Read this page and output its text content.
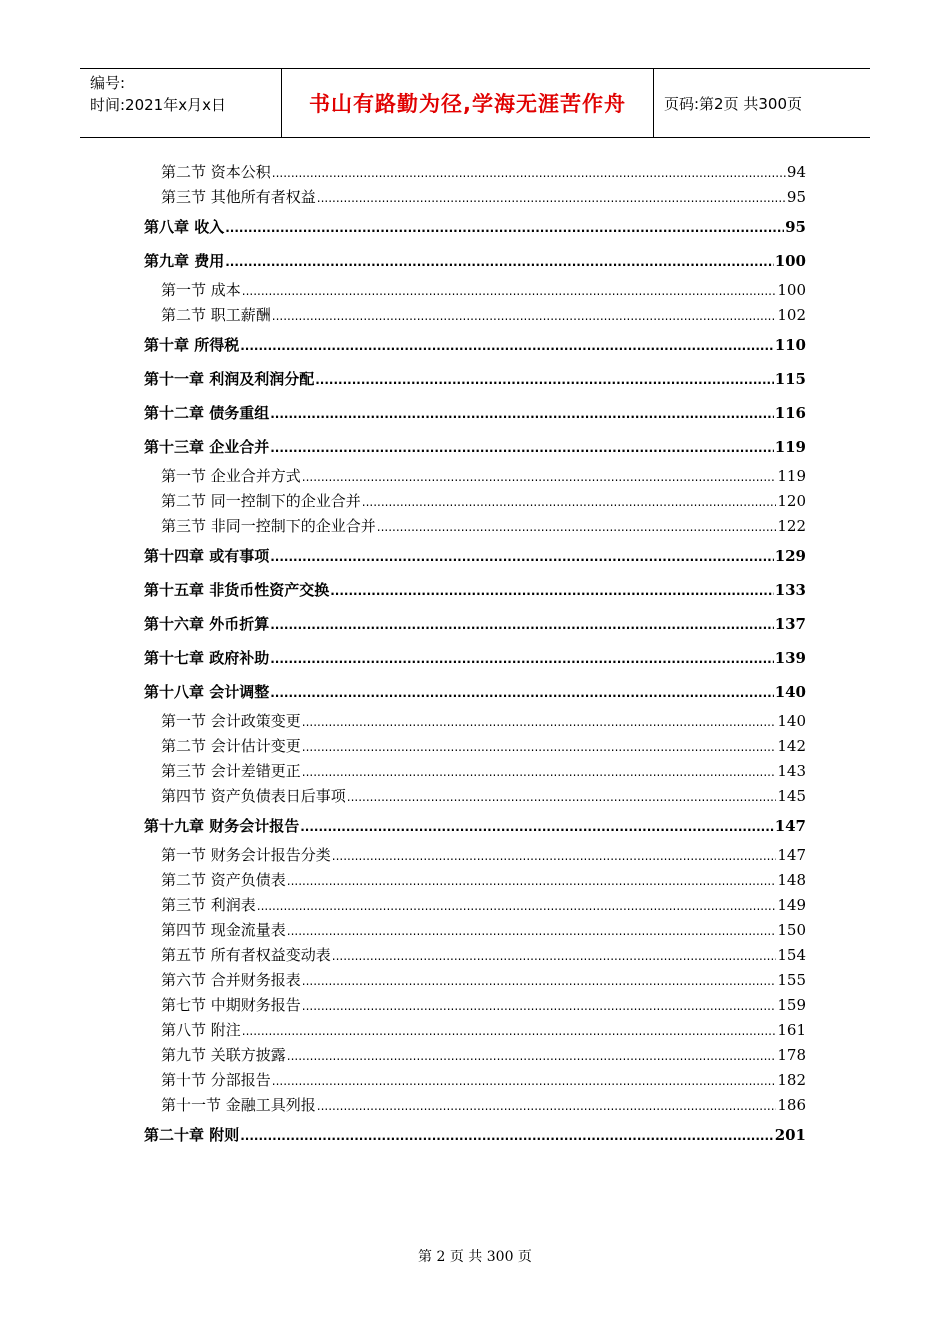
编号:
时间:2021年x月x日	书山有路勤为径,学海无涯苦作舟	页码:第2页 共300页
第二节 资本公积 .....	94
第三节 其他所有者权益 .....	95
第八章 收入 .....	95
第九章 费用 .....	100
第一节 成本 .....	100
第二节 职工薪酬 .....	102
第十章 所得税 .....	110
第十一章 利润及利润分配 .....	115
第十二章 债务重组 .....	116
第十三章 企业合并 .....	119
第一节 企业合并方式 .....	119
第二节 同一控制下的企业合并 .....	120
第三节 非同一控制下的企业合并 .....	122
第十四章 或有事项 .....	129
第十五章 非货币性资产交换 .....	133
第十六章 外币折算 .....	137
第十七章 政府补助 .....	139
第十八章 会计调整 .....	140
第一节 会计政策变更 .....	140
第二节 会计估计变更 .....	142
第三节 会计差错更正 .....	143
第四节 资产负债表日后事项 .....	145
第十九章 财务会计报告 .....	147
第一节 财务会计报告分类 .....	147
第二节 资产负债表 .....	148
第三节 利润表 .....	149
第四节 现金流量表 .....	150
第五节 所有者权益变动表 .....	154
第六节 合并财务报表 .....	155
第七节 中期财务报告 .....	159
第八节 附注 .....	161
第九节 关联方披露 .....	178
第十节 分部报告 .....	182
第十一节 金融工具列报 .....	186
第二十章 附则 .....	201
第 2 页 共 300 页
